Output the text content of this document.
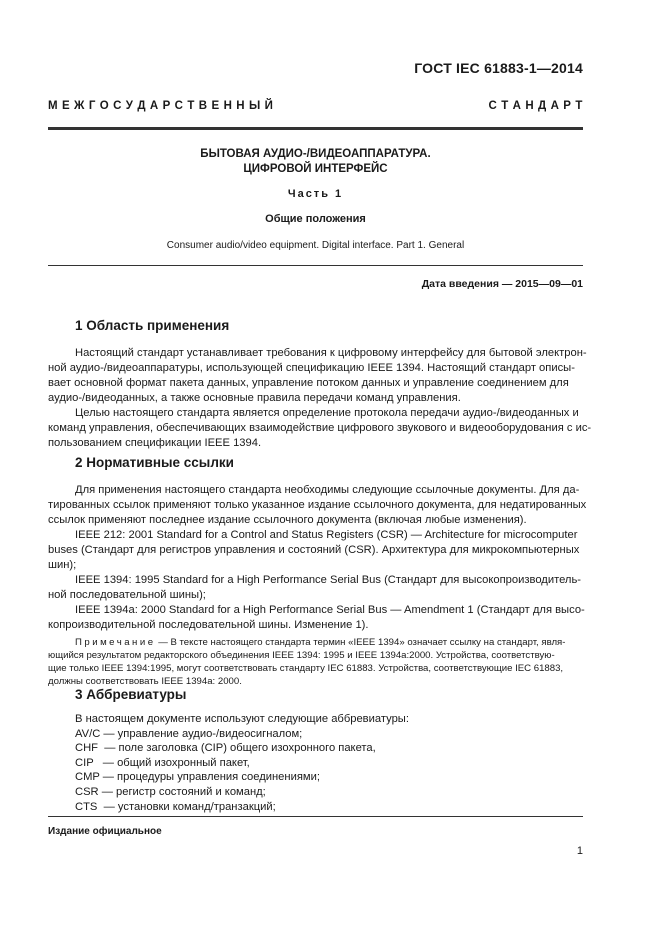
ГОСТ IEC 61883-1—2014
М Е Ж Г О С У Д А Р С Т В Е Н Н Ы Й	С Т А Н Д А Р Т
БЫТОВАЯ АУДИО-/ВИДЕОАППАРАТУРА.
ЦИФРОВОЙ ИНТЕРФЕЙС
Часть 1
Общие положения
Consumer audio/video equipment. Digital interface. Part 1. General
Дата введения — 2015—09—01
1 Область применения
Настоящий стандарт устанавливает требования к цифровому интерфейсу для бытовой электрон-
ной аудио-/видеоаппаратуры, использующей спецификацию IEEE 1394. Настоящий стандарт описы-
вает основной формат пакета данных, управление потоком данных и управление соединением для
аудио-/видеоданных, а также основные правила передачи команд управления.
Целью настоящего стандарта является определение протокола передачи аудио-/видеоданных и
команд управления, обеспечивающих взаимодействие цифрового звукового и видеооборудования с ис-
пользованием спецификации IEEE 1394.
2 Нормативные ссылки
Для применения настоящего стандарта необходимы следующие ссылочные документы. Для да-
тированных ссылок применяют только указанное издание ссылочного документа, для недатированных
ссылок применяют последнее издание ссылочного документа (включая любые изменения).
IEEE 212: 2001 Standard for a Control and Status Registers (CSR) — Architecture for microcomputer
buses (Стандарт для регистров управления и состояний (CSR). Архитектура для микрокомпьютерных
шин);
IEEE 1394: 1995 Standard for a High Performance Serial Bus (Стандарт для высокопроизводитель-
ной последовательной шины);
IEEE 1394a: 2000 Standard for a High Performance Serial Bus — Amendment 1 (Стандарт для высо-
копроизводительной последовательной шины. Изменение 1).
Примечание — В тексте настоящего стандарта термин «IEEE 1394» означает ссылку на стандарт, явля-
ющийся результатом редакторского объединения IEEE 1394: 1995 и IEEE 1394a:2000. Устройства, соответствую-
щие только IEEE 1394:1995, могут соответствовать стандарту IEC 61883. Устройства, соответствующие IEC 61883,
должны соответствовать IEEE 1394a: 2000.
3 Аббревиатуры
В настоящем документе используют следующие аббревиатуры:
AV/C — управление аудио-/видеосигналом;
CHF  — поле заголовка (CIP) общего изохронного пакета,
CIP   — общий изохронный пакет,
CMP — процедуры управления соединениями;
CSR — регистр состояний и команд;
CTS  — установки команд/транзакций;
Издание официальное
1
